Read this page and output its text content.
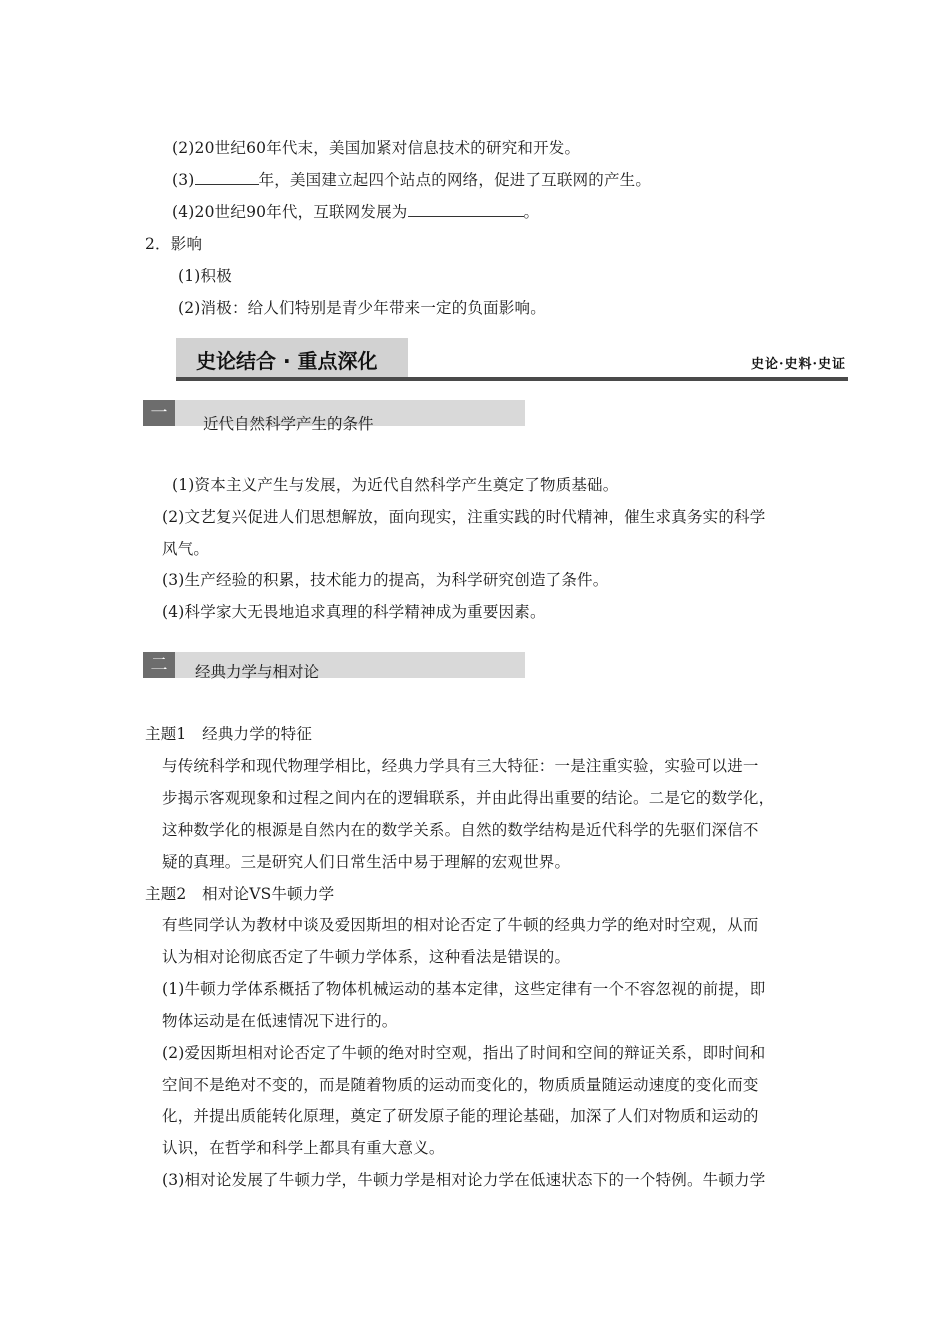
(2)20世纪60年代末，美国加紧对信息技术的研究和开发。
(3)	年，美国建立起四个站点的网络，促进了互联网的产生。
(4)20世纪90年代，互联网发展为	。
2．影响
(1)积极
(2)消极：给人们特别是青少年带来一定的负面影响。
史论结合 · 重点深化	史论·史料·史证
一
近代自然科学产生的条件
(1)资本主义产生与发展，为近代自然科学产生奠定了物质基础。
(2)文艺复兴促进人们思想解放，面向现实，注重实践的时代精神，催生求真务实的科学
风气。
(3)生产经验的积累，技术能力的提高，为科学研究创造了条件。
(4)科学家大无畏地追求真理的科学精神成为重要因素。
二	经典力学与相对论
主题1　经典力学的特征
与传统科学和现代物理学相比，经典力学具有三大特征：一是注重实验，实验可以进一
步揭示客观现象和过程之间内在的逻辑联系，并由此得出重要的结论。二是它的数学化，
这种数学化的根源是自然内在的数学关系。自然的数学结构是近代科学的先驱们深信不
疑的真理。三是研究人们日常生活中易于理解的宏观世界。
主题2　相对论VS牛顿力学
有些同学认为教材中谈及爱因斯坦的相对论否定了牛顿的经典力学的绝对时空观，从而
认为相对论彻底否定了牛顿力学体系，这种看法是错误的。
(1)牛顿力学体系概括了物体机械运动的基本定律，这些定律有一个不容忽视的前提，即
物体运动是在低速情况下进行的。
(2)爱因斯坦相对论否定了牛顿的绝对时空观，指出了时间和空间的辩证关系，即时间和
空间不是绝对不变的，而是随着物质的运动而变化的，物质质量随运动速度的变化而变
化，并提出质能转化原理，奠定了研发原子能的理论基础，加深了人们对物质和运动的
认识，在哲学和科学上都具有重大意义。
(3)相对论发展了牛顿力学，牛顿力学是相对论力学在低速状态下的一个特例。牛顿力学
